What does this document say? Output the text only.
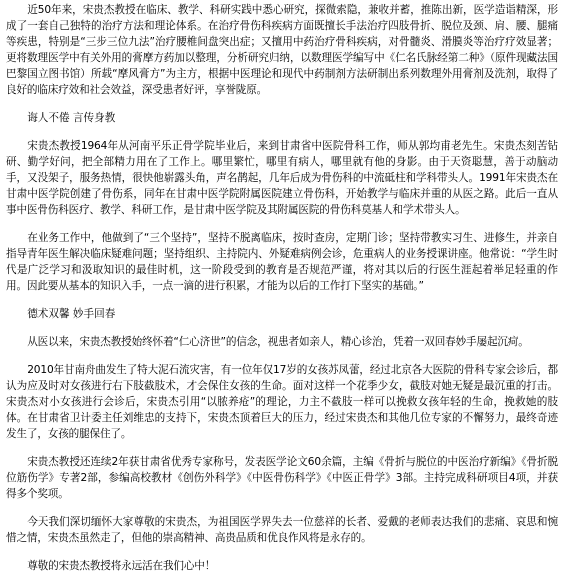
近50年来，宋贵杰教授在临床、教学、科研实践中悉心研究，探微索隐，兼收并蓄，推陈出新，医学造诣精深，形成了一套自己独特的治疗方法和理论体系。在治疗骨伤科疾病方面既擅长手法治疗四肢骨折、脱位及颈、肩、腰、腿痛等疾患，特别是“三步三位九法”治疗腰椎间盘突出症；又擅用中药治疗骨科疾病，对骨髓炎、滑膜炎等治疗疗效显著；更将数理医学中有关外用的膏摩方药加以整理，分析研究归纳，以数理医学编写中《仁名氏脉经第二种》（原件现藏法国巴黎国立图书馆）所载“摩风膏方”为主方，根据中医理论和现代中药制剂方法研制出系列数理外用膏剂及洗剂，取得了良好的临床疗效和社会效益，深受患者好评，享誉陇原。

诲人不倦 言传身教

宋贵杰教授1964年从河南平乐正骨学院毕业后，来到甘肃省中医院骨科工作，师从郭均甫老先生。宋贵杰刻苦钻研、勤学好问，把全部精力用在了工作上。哪里繁忙，哪里有病人，哪里就有他的身影。由于天资聪慧，善于动脑动手，又没架子，服务热情，很快他崭露头角，声名鹊起，几年后成为骨伤科的中流砥柱和学科带头人。1991年宋贵杰在甘肃中医学院创建了骨伤系，同年在甘肃中医学院附属医院建立骨伤科，开始教学与临床并重的从医之路。此后一直从事中医骨伤科医疗、教学、科研工作，是甘肃中医学院及其附属医院的骨伤科莫基人和学术带头人。

在业务工作中，他做到了“三个坚持”，坚持不脱离临床，按时查房，定期门诊；坚持带教实习生、进修生，并亲自指导青年医生解决临床疑难问题；坚持组织、主持院内、外疑难病例会诊，危重病人的业务授课讲座。他常说：“学生时代是广泛学习和汲取知识的最佳时机，这一阶段受到的教育是否规范严谨，将对其以后的行医生涯起着举足轻重的作用。因此要从基本的知识入手，一点一滴的进行积累，才能为以后的工作打下坚实的基础。”

德术双馨 妙手回春

从医以来，宋贵杰教授始终怀着“仁心济世”的信念，视患者如亲人，精心诊治，凭着一双回春妙手屡起沉疴。

2010年甘南舟曲发生了特大泥石流灾害，有一位年仅17岁的女孩苏凤蕾，经过北京各大医院的骨科专家会诊后，都认为应及时对女孩进行右下肢截肢术，才会保住女孩的生命。面对这样一个花季少女，截肢对她无疑是最沉重的打击。宋贵杰对小女孩进行会诊后，宋贵杰引用“以脓养疮”的理论，力主不截肢一样可以挽救女孩年轻的生命，挽救她的肢体。在甘肃省卫计委主任刘维忠的支持下，宋贵杰顶着巨大的压力，经过宋贵杰和其他几位专家的不懈努力，最终奇迹发生了，女孩的腿保住了。

宋贵杰教授还连续2年获甘肃省优秀专家称号，发表医学论文60余篇，主编《骨折与脱位的中医治疗新编》《骨折脱位筋伤学》专著2部，参编高校教材《创伤外科学》《中医骨伤科学》《中医正骨学》3部。主持完成科研项目4项，并获得多个奖项。

今天我们深切缅怀大家尊敬的宋贵杰，为祖国医学界失去一位慈祥的长者、爱戴的老师表达我们的悲痛、哀思和惋惜之情，宋贵杰虽然走了，但他的崇高精神、高贵品质和优良作风将是永存的。

尊敬的宋贵杰教授将永远活在我们心中！
